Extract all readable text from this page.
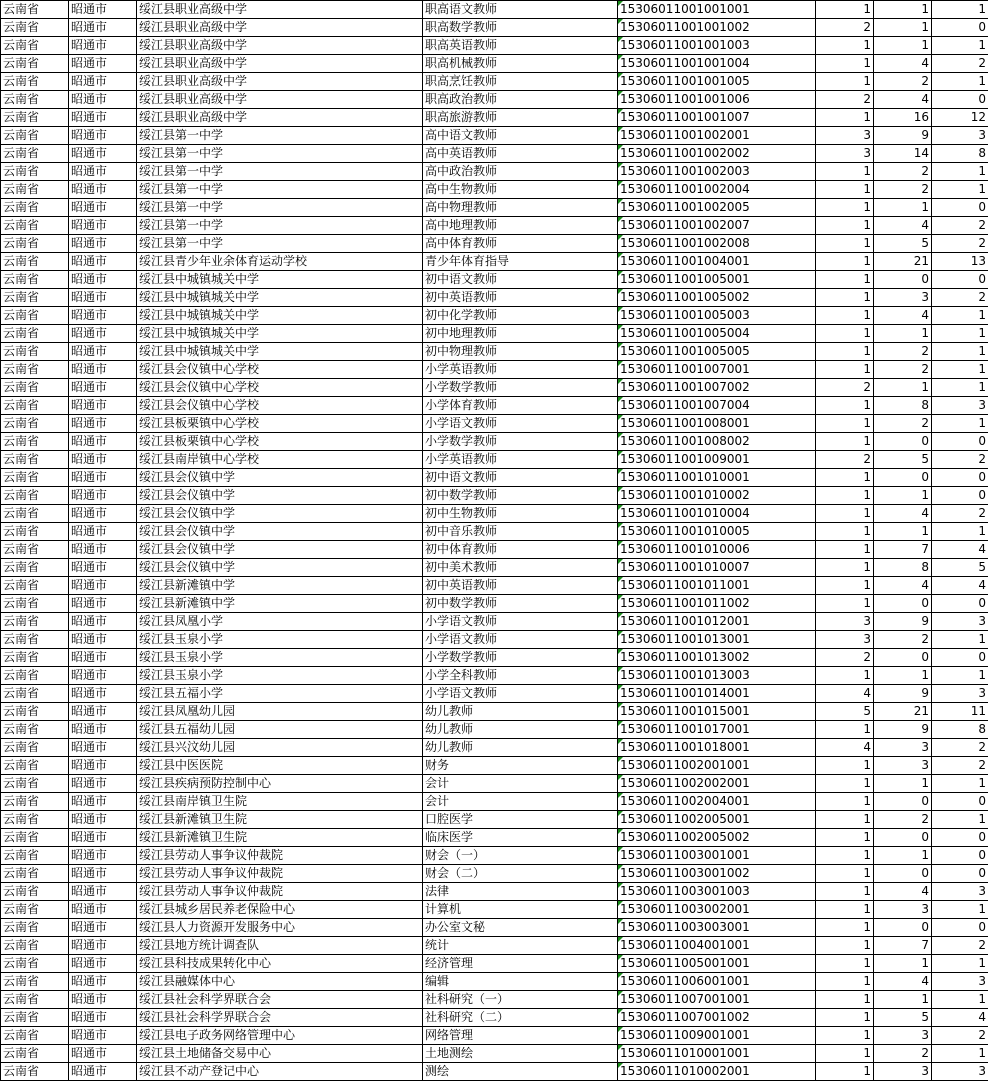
云南省	昭通市	绥江县职业高级中学	职高语文教师	15306011001001001	1	1	1
云南省	昭通市	绥江县职业高级中学	职高数学教师	15306011001001002	2	1	0
云南省	昭通市	绥江县职业高级中学	职高英语教师	15306011001001003	1	1	1
云南省	昭通市	绥江县职业高级中学	职高机械教师	15306011001001004	1	4	2
云南省	昭通市	绥江县职业高级中学	职高烹饪教师	15306011001001005	1	2	1
云南省	昭通市	绥江县职业高级中学	职高政治教师	15306011001001006	2	4	0
云南省	昭通市	绥江县职业高级中学	职高旅游教师	15306011001001007	1	16	12
云南省	昭通市	绥江县第一中学	高中语文教师	15306011001002001	3	9	3
云南省	昭通市	绥江县第一中学	高中英语教师	15306011001002002	3	14	8
云南省	昭通市	绥江县第一中学	高中政治教师	15306011001002003	1	2	1
云南省	昭通市	绥江县第一中学	高中生物教师	15306011001002004	1	2	1
云南省	昭通市	绥江县第一中学	高中物理教师	15306011001002005	1	1	0
云南省	昭通市	绥江县第一中学	高中地理教师	15306011001002007	1	4	2
云南省	昭通市	绥江县第一中学	高中体育教师	15306011001002008	1	5	2
云南省	昭通市	绥江县青少年业余体育运动学校	青少年体育指导	15306011001004001	1	21	13
云南省	昭通市	绥江县中城镇城关中学	初中语文教师	15306011001005001	1	0	0
云南省	昭通市	绥江县中城镇城关中学	初中英语教师	15306011001005002	1	3	2
云南省	昭通市	绥江县中城镇城关中学	初中化学教师	15306011001005003	1	4	1
云南省	昭通市	绥江县中城镇城关中学	初中地理教师	15306011001005004	1	1	1
云南省	昭通市	绥江县中城镇城关中学	初中物理教师	15306011001005005	1	2	1
云南省	昭通市	绥江县会仪镇中心学校	小学英语教师	15306011001007001	1	2	1
云南省	昭通市	绥江县会仪镇中心学校	小学数学教师	15306011001007002	2	1	1
云南省	昭通市	绥江县会仪镇中心学校	小学体育教师	15306011001007004	1	8	3
云南省	昭通市	绥江县板栗镇中心学校	小学语文教师	15306011001008001	1	2	1
云南省	昭通市	绥江县板栗镇中心学校	小学数学教师	15306011001008002	1	0	0
云南省	昭通市	绥江县南岸镇中心学校	小学英语教师	15306011001009001	2	5	2
云南省	昭通市	绥江县会仪镇中学	初中语文教师	15306011001010001	1	0	0
云南省	昭通市	绥江县会仪镇中学	初中数学教师	15306011001010002	1	1	0
云南省	昭通市	绥江县会仪镇中学	初中生物教师	15306011001010004	1	4	2
云南省	昭通市	绥江县会仪镇中学	初中音乐教师	15306011001010005	1	1	1
云南省	昭通市	绥江县会仪镇中学	初中体育教师	15306011001010006	1	7	4
云南省	昭通市	绥江县会仪镇中学	初中美术教师	15306011001010007	1	8	5
云南省	昭通市	绥江县新滩镇中学	初中英语教师	15306011001011001	1	4	4
云南省	昭通市	绥江县新滩镇中学	初中数学教师	15306011001011002	1	0	0
云南省	昭通市	绥江县凤凰小学	小学语文教师	15306011001012001	3	9	3
云南省	昭通市	绥江县玉泉小学	小学语文教师	15306011001013001	3	2	1
云南省	昭通市	绥江县玉泉小学	小学数学教师	15306011001013002	2	0	0
云南省	昭通市	绥江县玉泉小学	小学全科教师	15306011001013003	1	1	1
云南省	昭通市	绥江县五福小学	小学语文教师	15306011001014001	4	9	3
云南省	昭通市	绥江县凤凰幼儿园	幼儿教师	15306011001015001	5	21	11
云南省	昭通市	绥江县五福幼儿园	幼儿教师	15306011001017001	1	9	8
云南省	昭通市	绥江县兴汶幼儿园	幼儿教师	15306011001018001	4	3	2
云南省	昭通市	绥江县中医医院	财务	15306011002001001	1	3	2
云南省	昭通市	绥江县疾病预防控制中心	会计	15306011002002001	1	1	1
云南省	昭通市	绥江县南岸镇卫生院	会计	15306011002004001	1	0	0
云南省	昭通市	绥江县新滩镇卫生院	口腔医学	15306011002005001	1	2	1
云南省	昭通市	绥江县新滩镇卫生院	临床医学	15306011002005002	1	0	0
云南省	昭通市	绥江县劳动人事争议仲裁院	财会（一）	15306011003001001	1	1	0
云南省	昭通市	绥江县劳动人事争议仲裁院	财会（二）	15306011003001002	1	0	0
云南省	昭通市	绥江县劳动人事争议仲裁院	法律	15306011003001003	1	4	3
云南省	昭通市	绥江县城乡居民养老保险中心	计算机	15306011003002001	1	3	1
云南省	昭通市	绥江县人力资源开发服务中心	办公室文秘	15306011003003001	1	0	0
云南省	昭通市	绥江县地方统计调查队	统计	15306011004001001	1	7	2
云南省	昭通市	绥江县科技成果转化中心	经济管理	15306011005001001	1	1	1
云南省	昭通市	绥江县融媒体中心	编辑	15306011006001001	1	4	3
云南省	昭通市	绥江县社会科学界联合会	社科研究（一）	15306011007001001	1	1	1
云南省	昭通市	绥江县社会科学界联合会	社科研究（二）	15306011007001002	1	5	4
云南省	昭通市	绥江县电子政务网络管理中心	网络管理	15306011009001001	1	3	2
云南省	昭通市	绥江县土地储备交易中心	土地测绘	15306011010001001	1	2	1
云南省	昭通市	绥江县不动产登记中心	测绘	15306011010002001	1	3	3
